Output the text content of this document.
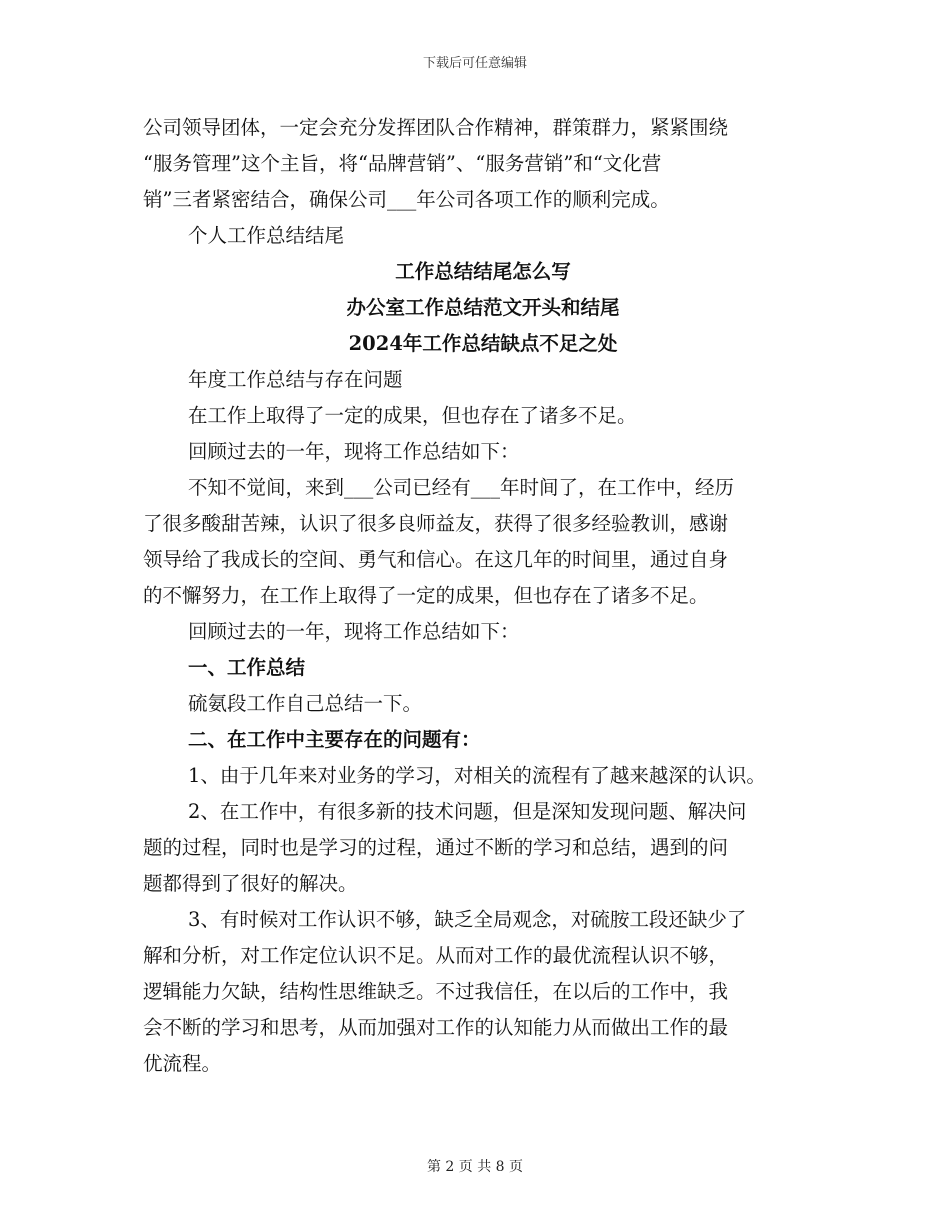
下载后可任意编辑
公司领导团体，一定会充分发挥团队合作精神，群策群力，紧紧围绕
“服务管理”这个主旨，将“品牌营销”、“服务营销”和“文化营
销”三者紧密结合，确保公司___年公司各项工作的顺利完成。
个人工作总结结尾
工作总结结尾怎么写
办公室工作总结范文开头和结尾
2024年工作总结缺点不足之处
年度工作总结与存在问题
在工作上取得了一定的成果，但也存在了诸多不足。
回顾过去的一年，现将工作总结如下：
不知不觉间，来到___公司已经有___年时间了，在工作中，经历
了很多酸甜苦辣，认识了很多良师益友，获得了很多经验教训，感谢
领导给了我成长的空间、勇气和信心。在这几年的时间里，通过自身
的不懈努力，在工作上取得了一定的成果，但也存在了诸多不足。
回顾过去的一年，现将工作总结如下：
一、工作总结
硫氨段工作自己总结一下。
二、在工作中主要存在的问题有：
1、由于几年来对业务的学习，对相关的流程有了越来越深的认识。
2、在工作中，有很多新的技术问题，但是深知发现问题、解决问
题的过程，同时也是学习的过程，通过不断的学习和总结，遇到的问
题都得到了很好的解决。
3、有时候对工作认识不够，缺乏全局观念，对硫胺工段还缺少了
解和分析，对工作定位认识不足。从而对工作的最优流程认识不够，
逻辑能力欠缺，结构性思维缺乏。不过我信任，在以后的工作中，我
会不断的学习和思考，从而加强对工作的认知能力从而做出工作的最
优流程。
第 2 页 共 8 页
